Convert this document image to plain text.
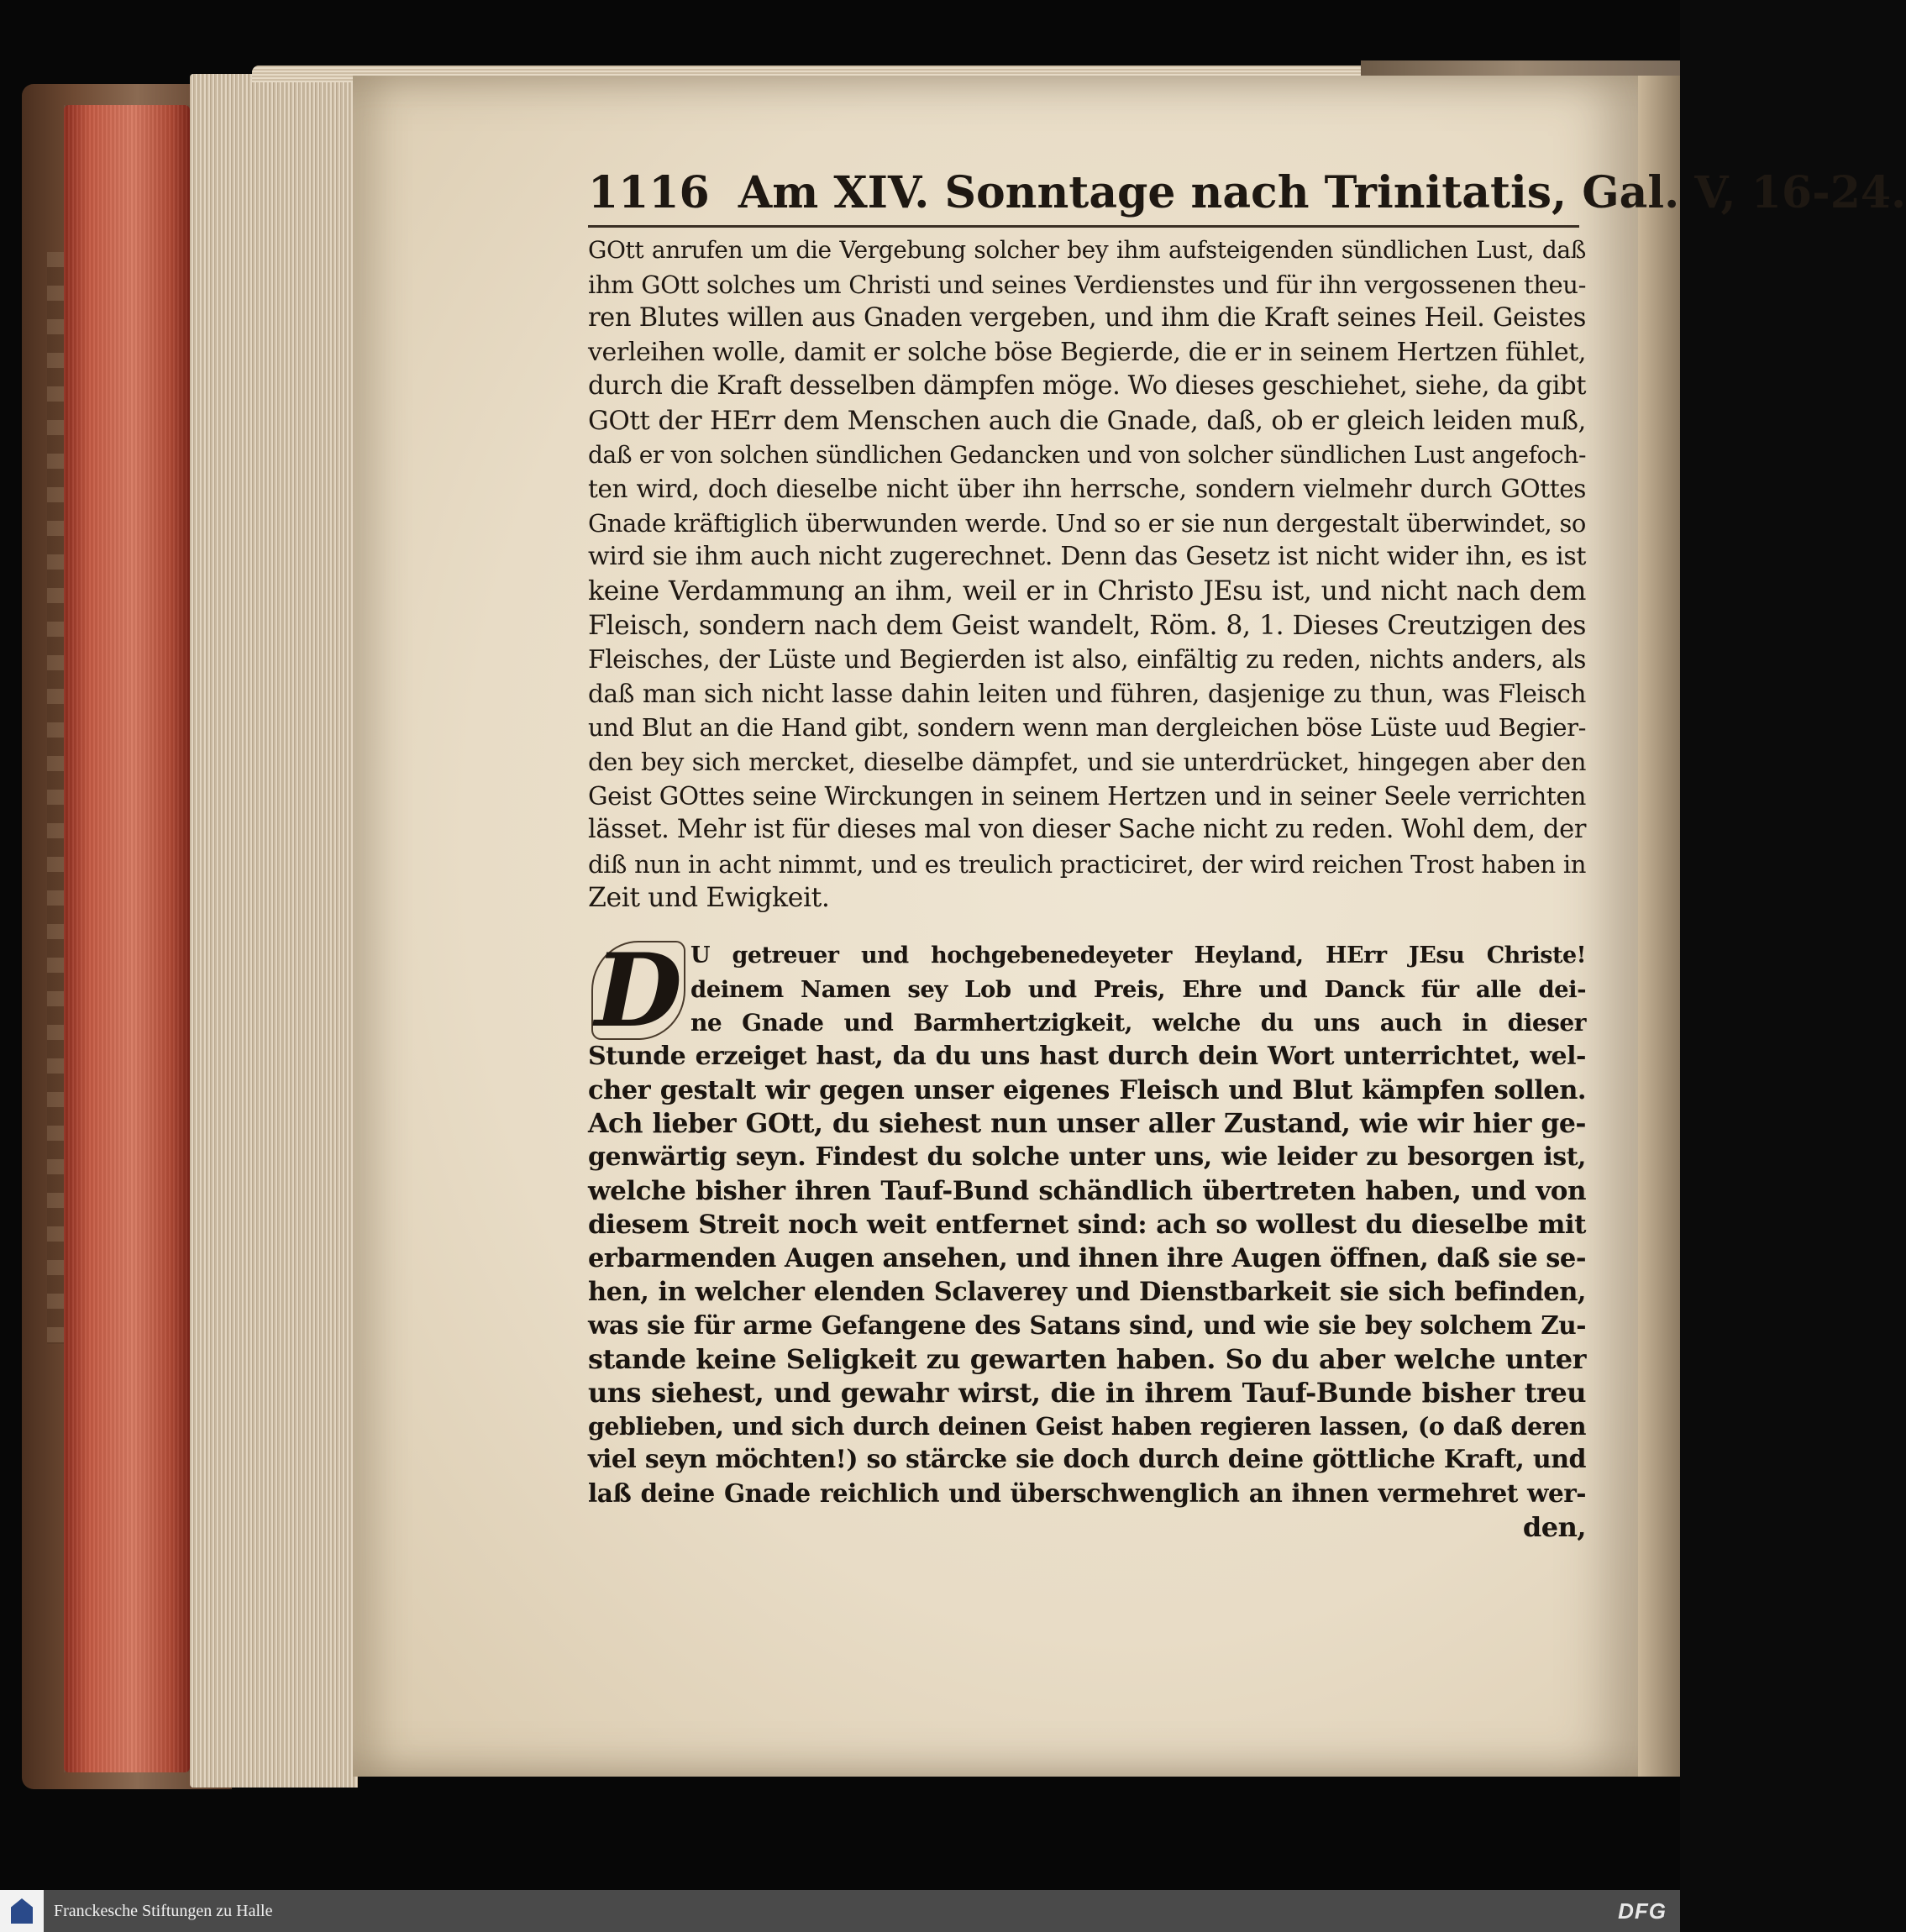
1116 Am XIV. Sonntage nach Trinitatis, Gal. V, 16-24.
GOtt anrufen um die Vergebung solcher bey ihm aufsteigenden sündlichen Lust, daß
ihm GOtt solches um Christi und seines Verdienstes und für ihn vergossenen theu-
ren Blutes willen aus Gnaden vergeben, und ihm die Kraft seines Heil. Geistes
verleihen wolle, damit er solche böse Begierde, die er in seinem Hertzen fühlet,
durch die Kraft desselben dämpfen möge. Wo dieses geschiehet, siehe, da gibt
GOtt der HErr dem Menschen auch die Gnade, daß, ob er gleich leiden muß,
daß er von solchen sündlichen Gedancken und von solcher sündlichen Lust angefoch-
ten wird, doch dieselbe nicht über ihn herrsche, sondern vielmehr durch GOttes
Gnade kräftiglich überwunden werde. Und so er sie nun dergestalt überwindet, so
wird sie ihm auch nicht zugerechnet. Denn das Gesetz ist nicht wider ihn, es ist
keine Verdammung an ihm, weil er in Christo JEsu ist, und nicht nach dem
Fleisch, sondern nach dem Geist wandelt, Röm. 8, 1. Dieses Creutzigen des
Fleisches, der Lüste und Begierden ist also, einfältig zu reden, nichts anders, als
daß man sich nicht lasse dahin leiten und führen, dasjenige zu thun, was Fleisch
und Blut an die Hand gibt, sondern wenn man dergleichen böse Lüste uud Begier-
den bey sich mercket, dieselbe dämpfet, und sie unterdrücket, hingegen aber den
Geist GOttes seine Wirckungen in seinem Hertzen und in seiner Seele verrichten
lässet. Mehr ist für dieses mal von dieser Sache nicht zu reden. Wohl dem, der
diß nun in acht nimmt, und es treulich practiciret, der wird reichen Trost haben in
Zeit und Ewigkeit.
D U getreuer und hochgebenedeyeter Heyland, HErr JEsu Christe!
deinem Namen sey Lob und Preis, Ehre und Danck für alle dei-
ne Gnade und Barmhertzigkeit, welche du uns auch in dieser
Stunde erzeiget hast, da du uns hast durch dein Wort unterrichtet, wel-
cher gestalt wir gegen unser eigenes Fleisch und Blut kämpfen sollen.
Ach lieber GOtt, du siehest nun unser aller Zustand, wie wir hier ge-
genwärtig seyn. Findest du solche unter uns, wie leider zu besorgen ist,
welche bisher ihren Tauf-Bund schändlich übertreten haben, und von
diesem Streit noch weit entfernet sind: ach so wollest du dieselbe mit
erbarmenden Augen ansehen, und ihnen ihre Augen öffnen, daß sie se-
hen, in welcher elenden Sclaverey und Dienstbarkeit sie sich befinden,
was sie für arme Gefangene des Satans sind, und wie sie bey solchem Zu-
stande keine Seligkeit zu gewarten haben. So du aber welche unter
uns siehest, und gewahr wirst, die in ihrem Tauf-Bunde bisher treu
geblieben, und sich durch deinen Geist haben regieren lassen, (o daß deren
viel seyn möchten!) so stärcke sie doch durch deine göttliche Kraft, und
laß deine Gnade reichlich und überschwenglich an ihnen vermehret wer-
den,
Franckesche Stiftungen zu Halle	DFG
